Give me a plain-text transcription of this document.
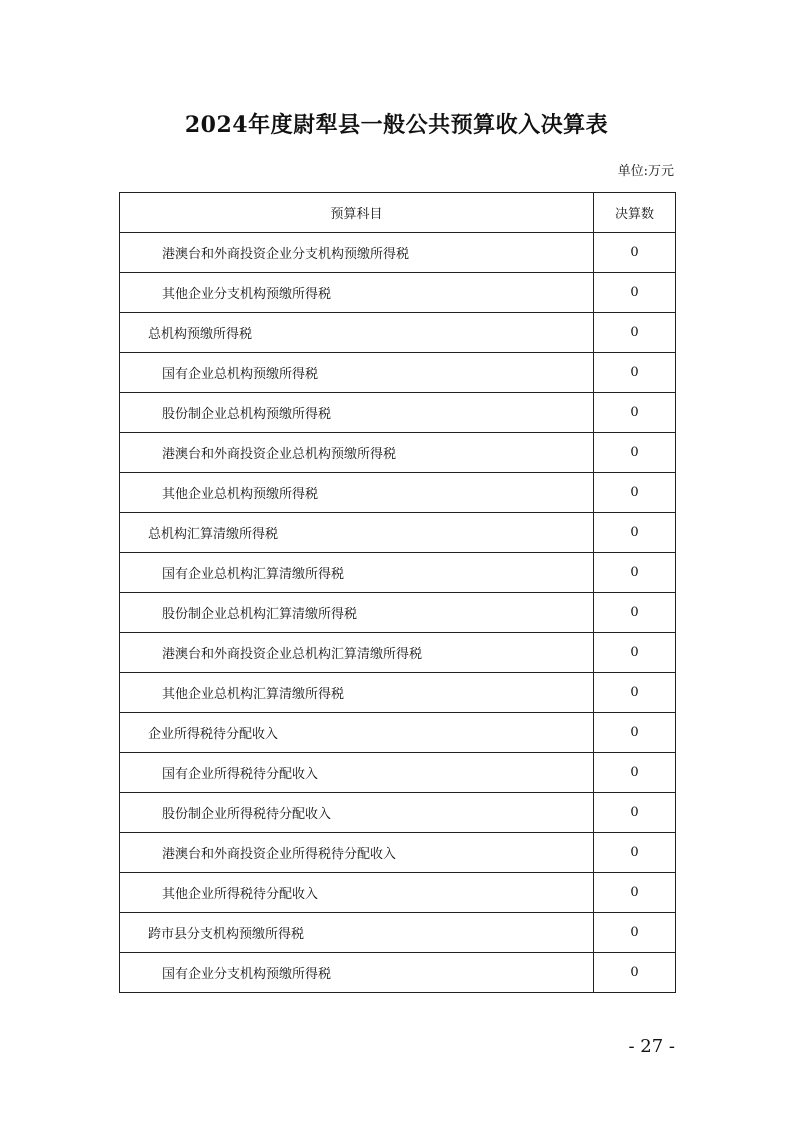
2024年度尉犁县一般公共预算收入决算表
单位:万元
预算科目	决算数
港澳台和外商投资企业分支机构预缴所得税	0
其他企业分支机构预缴所得税	0
总机构预缴所得税	0
国有企业总机构预缴所得税	0
股份制企业总机构预缴所得税	0
港澳台和外商投资企业总机构预缴所得税	0
其他企业总机构预缴所得税	0
总机构汇算清缴所得税	0
国有企业总机构汇算清缴所得税	0
股份制企业总机构汇算清缴所得税	0
港澳台和外商投资企业总机构汇算清缴所得税	0
其他企业总机构汇算清缴所得税	0
企业所得税待分配收入	0
国有企业所得税待分配收入	0
股份制企业所得税待分配收入	0
港澳台和外商投资企业所得税待分配收入	0
其他企业所得税待分配收入	0
跨市县分支机构预缴所得税	0
国有企业分支机构预缴所得税	0
- 27 -
